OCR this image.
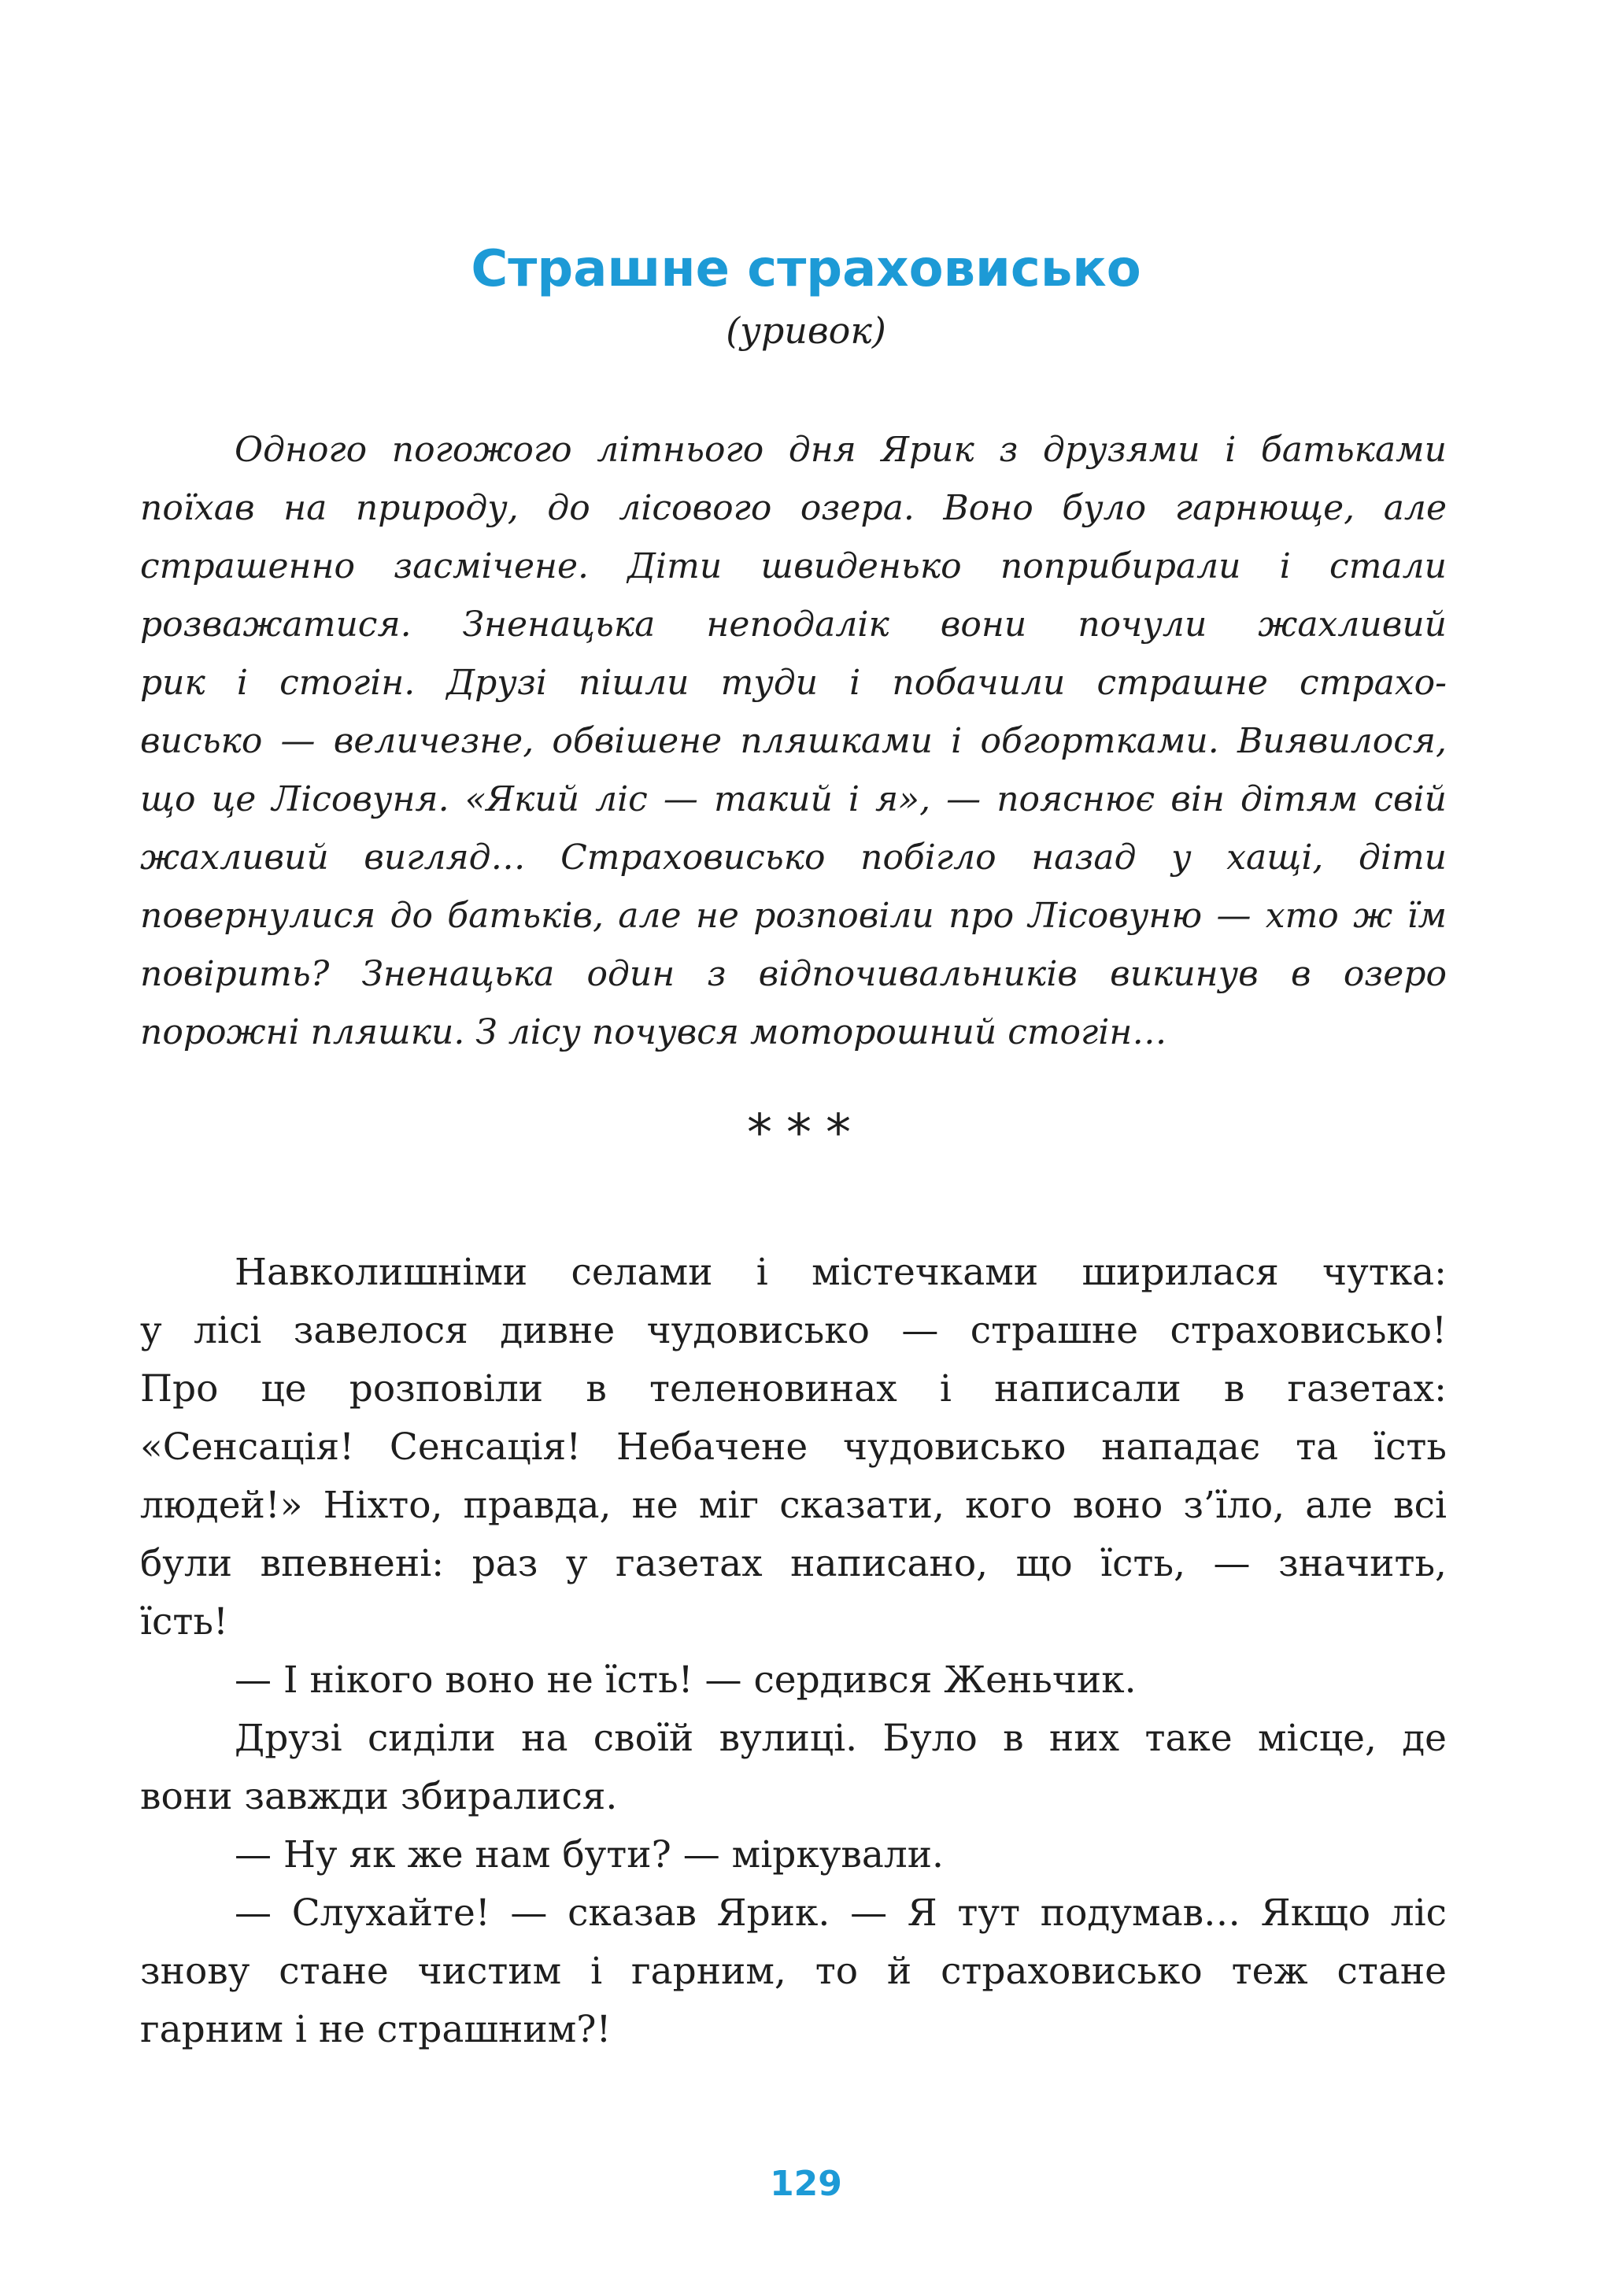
Страшне страховисько

(уривок)

Одного погожого літнього дня Ярик з друзями і батьками
поїхав на природу, до лісового озера. Воно було гарнюще, але
страшенно засмічене. Діти швиденько поприбирали і стали
розважатися. Зненацька неподалік вони почули жахливий
рик і стогін. Друзі пішли туди і побачили страшне страхо-
висько — величезне, обвішене пляшками і обгортками. Виявилося,
що це Лісовуня. «Який ліс — такий і я», — пояснює він дітям свій
жахливий вигляд… Страховисько побігло назад у хащі, діти
повернулися до батьків, але не розповіли про Лісовуню — хто ж їм
повірить? Зненацька один з відпочивальників викинув в озеро
порожні пляшки. З лісу почувся моторошний стогін…
***
Навколишніми селами і містечками ширилася чутка:
у лісі завелося дивне чудовисько — страшне страховисько!
Про це розповіли в теленовинах і написали в газетах:
«Сенсація! Сенсація! Небачене чудовисько нападає та їсть
людей!» Ніхто, правда, не міг сказати, кого воно з’їло, але всі
були впевнені: раз у газетах написано, що їсть, — значить,
їсть!
— І нікого воно не їсть! — сердився Женьчик.
Друзі сиділи на своїй вулиці. Було в них таке місце, де
вони завжди збиралися.
— Ну як же нам бути? — міркували.
— Слухайте! — сказав Ярик. — Я тут подумав… Якщо ліс
знову стане чистим і гарним, то й страховисько теж стане
гарним і не страшним?!
129
